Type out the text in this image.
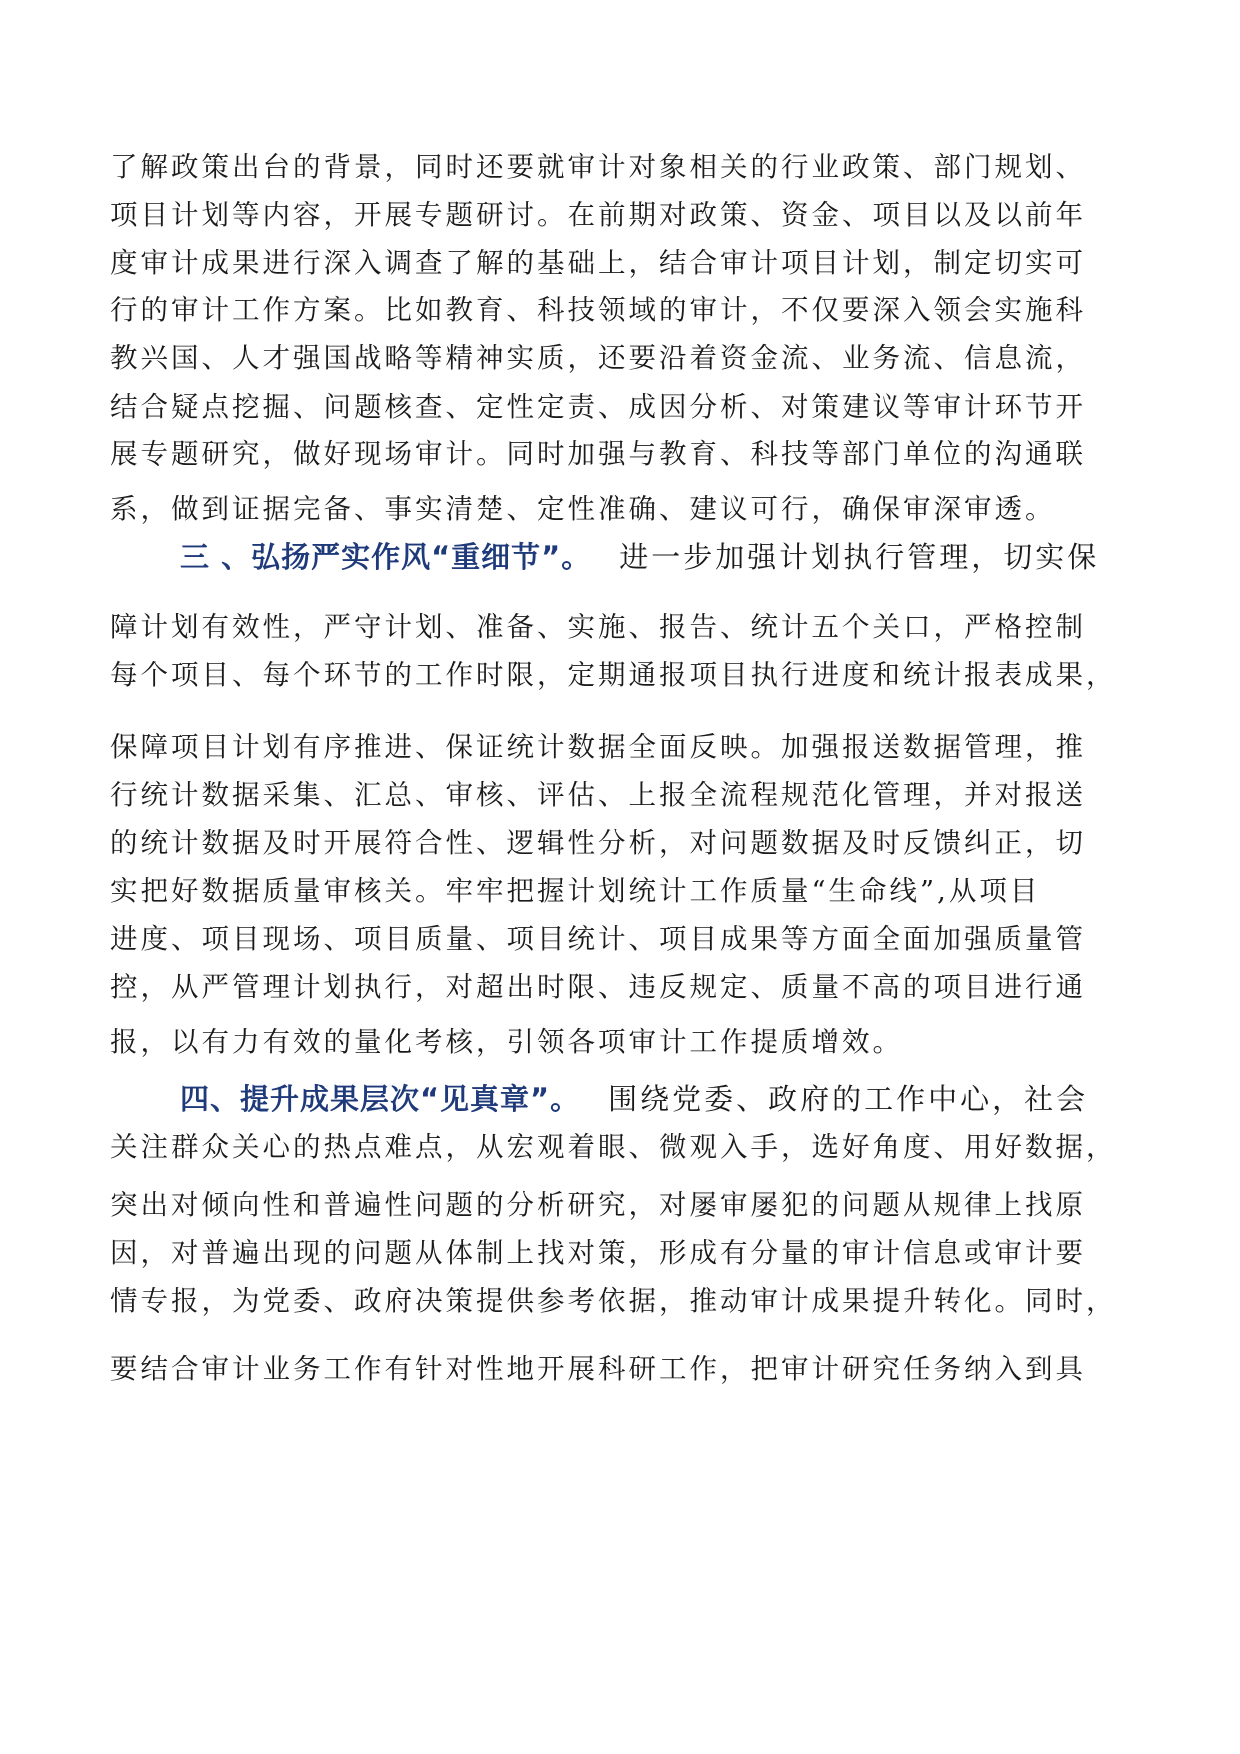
了解政策出台的背景，同时还要就审计对象相关的行业政策、部门规划、
项目计划等内容，开展专题研讨。在前期对政策、资金、项目以及以前年
度审计成果进行深入调查了解的基础上，结合审计项目计划，制定切实可
行的审计工作方案。比如教育、科技领域的审计，不仅要深入领会实施科
教兴国、人才强国战略等精神实质，还要沿着资金流、业务流、信息流，
结合疑点挖掘、问题核查、定性定责、成因分析、对策建议等审计环节开
展专题研究，做好现场审计。同时加强与教育、科技等部门单位的沟通联
系，做到证据完备、事实清楚、定性准确、建议可行，确保审深审透。
三 、弘扬严实作风“重细节”。 进一步加强计划执行管理，切实保
障计划有效性，严守计划、准备、实施、报告、统计五个关口，严格控制
每个项目、每个环节的工作时限，定期通报项目执行进度和统计报表成果，
保障项目计划有序推进、保证统计数据全面反映。加强报送数据管理，推
行统计数据采集、汇总、审核、评估、上报全流程规范化管理，并对报送
的统计数据及时开展符合性、逻辑性分析，对问题数据及时反馈纠正，切
实把好数据质量审核关。牢牢把握计划统计工作质量“生命线”,从项目
进度、项目现场、项目质量、项目统计、项目成果等方面全面加强质量管
控，从严管理计划执行，对超出时限、违反规定、质量不高的项目进行通
报，以有力有效的量化考核，引领各项审计工作提质增效。
四、提升成果层次“见真章”。 围绕党委、政府的工作中心，社会
关注群众关心的热点难点，从宏观着眼、微观入手，选好角度、用好数据，
突出对倾向性和普遍性问题的分析研究，对屡审屡犯的问题从规律上找原
因，对普遍出现的问题从体制上找对策，形成有分量的审计信息或审计要
情专报，为党委、政府决策提供参考依据，推动审计成果提升转化。同时，
要结合审计业务工作有针对性地开展科研工作，把审计研究任务纳入到具
